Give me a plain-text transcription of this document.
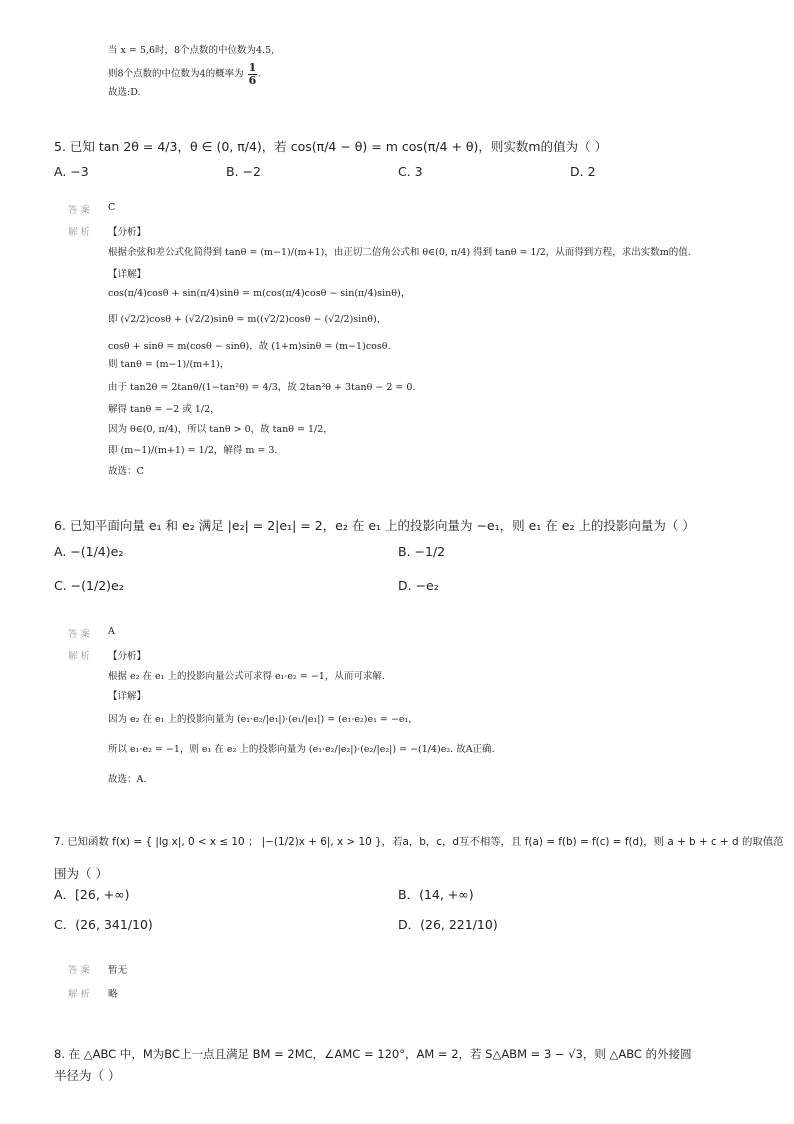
当 x = 5,6时，8个点数的中位数为4.5,
则8个点数的中位数为4的概率为 $\frac{1}{6}$ .
故选:D.
5. 已知 tan 2θ = 4/3，θ ∈ (0, π/4)，若 cos(π/4 − θ) = m cos(π/4 + θ)，则实数m的值为（ ）
A. −3	B. −2	C. 3	D. 2
答案 C
解析 【分析】
根据余弦和差公式化简得到 tanθ = (m−1)/(m+1)，由正切二倍角公式和 θ∈(0, π/4) 得到 tanθ = 1/2，从而得到方程，求出实数m的值.
【详解】
cos(π/4)cosθ + sin(π/4)sinθ = m(cos(π/4)cosθ − sin(π/4)sinθ)，
即 (√2/2)cosθ + (√2/2)sinθ = m((√2/2)cosθ − (√2/2)sinθ)，
cosθ + sinθ = m(cosθ − sinθ)，故 (1+m)sinθ = (m−1)cosθ.
则 tanθ = (m−1)/(m+1)，
由于 tan2θ = 2tanθ/(1−tan²θ) = 4/3，故 2tan²θ + 3tanθ − 2 = 0.
解得 tanθ = −2 或 1/2，
因为 θ∈(0, π/4)，所以 tanθ > 0，故 tanθ = 1/2，
即 (m−1)/(m+1) = 1/2，解得 m = 3.
故选：C
6. 已知平面向量 e₁ 和 e₂ 满足 |e₂| = 2|e₁| = 2，e₂ 在 e₁ 上的投影向量为 −e₁，则 e₁ 在 e₂ 上的投影向量为（ ）
A. −(1/4)e₂	B. −1/2
C. −(1/2)e₂	D. −e₂
答案 A
解析 【分析】
根据 e₂ 在 e₁ 上的投影向量公式可求得 e₁·e₂ = −1，从而可求解.
【详解】
因为 e₂ 在 e₁ 上的投影向量为 (e₁·e₂/|e₁|)·(e₁/|e₁|) = (e₁·e₂)e₁ = −e₁，
所以 e₁·e₂ = −1，则 e₁ 在 e₂ 上的投影向量为 (e₁·e₂/|e₂|)·(e₂/|e₂|) = −(1/4)e₂. 故A正确.
故选：A.
7. 已知函数 f(x) = { |lg x|, 0 < x ≤ 10 ； |−(1/2)x + 6|, x > 10 }，若a，b，c，d互不相等，且 f(a) = f(b) = f(c) = f(d)，则 a + b + c + d 的取值范
围为（ ）
A．[26, +∞)	B．(14, +∞)
C．(26, 341/10)	D．(26, 221/10)
答案 暂无
解析 略
8. 在 △ABC 中，M为BC上一点且满足 BM = 2MC，∠AMC = 120°，AM = 2，若 S△ABM = 3 − √3，则 △ABC 的外接圆
半径为（ ）
